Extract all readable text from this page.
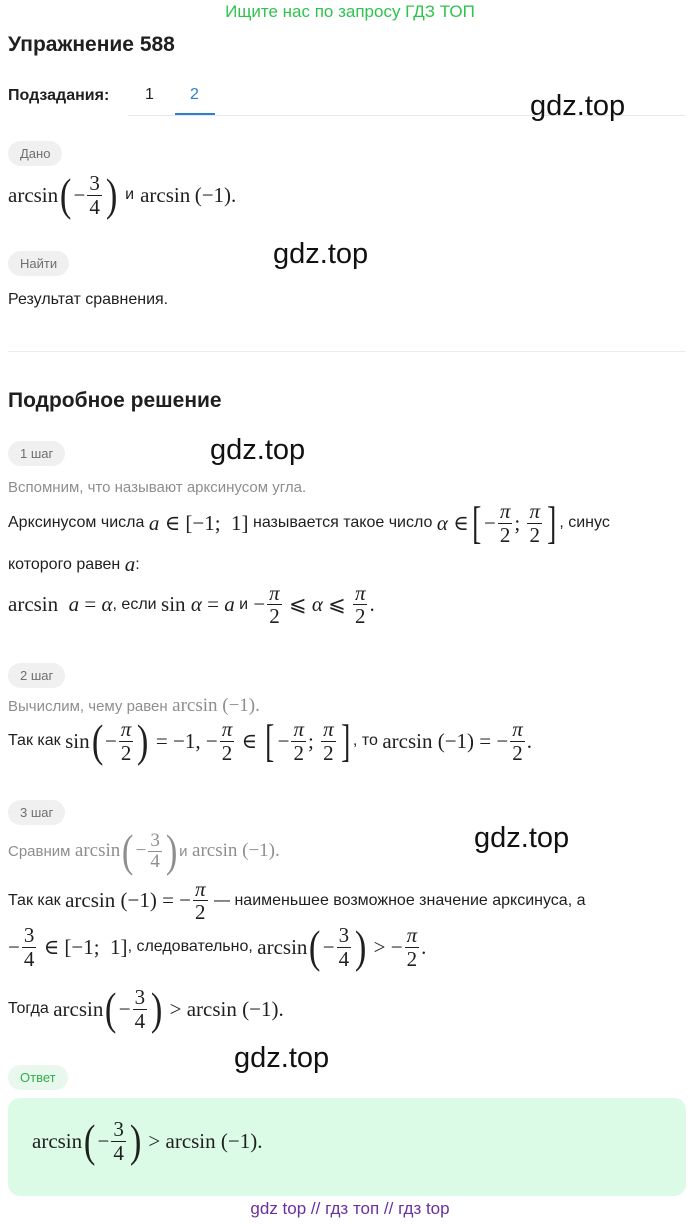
Ищите нас по запросу ГДЗ ТОП
Упражнение 588
Подзадания: 1 2	gdz.top
gdz.top
gdz.top
gdz.top
gdz.top
Дано
arcsin ( − $\frac{3}{4}$ ) и arcsin
(−1).
Найти
Результат сравнения.
Подробное решение
1 шаг
Вспомним, что называют арксинусом угла.
Арксинусом числа
a ∈ [−1;  1]
называется такое число
α ∈ [ − $\frac{\pi}{2}$ ; $\frac{\pi}{2}$ ] , синус
которого равен
a :
arcsin  a = α , если
sin α = a
$и - \frac{\pi}{2}$ ⩽ α ⩽ $\frac{\pi}{2}$ .
2 шаг
Вычислим, чему равен
arcsin (−1).
Так как
sin ( − $\frac{\pi}{2}$ ) = −1, − $\frac{\pi}{2}$ ∈ [ − $\frac{\pi}{2}$ ; $\frac{\pi}{2}$ ] , то
arcsin (−1) = − $\frac{\pi}{2}$ .
3 шаг
Сравним
arcsin ( − $\frac{3}{4}$ ) и
arcsin (−1).
Так как
arcsin (−1) = − $\frac{\pi}{2}$
— наименьшее возможное значение арксинуса, а
− $\frac{3}{4}$ ∈ [−1;  1] , следовательно,
arcsin ( − $\frac{3}{4}$ ) > − $\frac{\pi}{2}$ .
Тогда
arcsin ( − $\frac{3}{4}$ ) > arcsin (−1).
Ответ
arcsin ( − $\frac{3}{4}$ ) > arcsin (−1).
gdz top // гдз топ // гдз top
